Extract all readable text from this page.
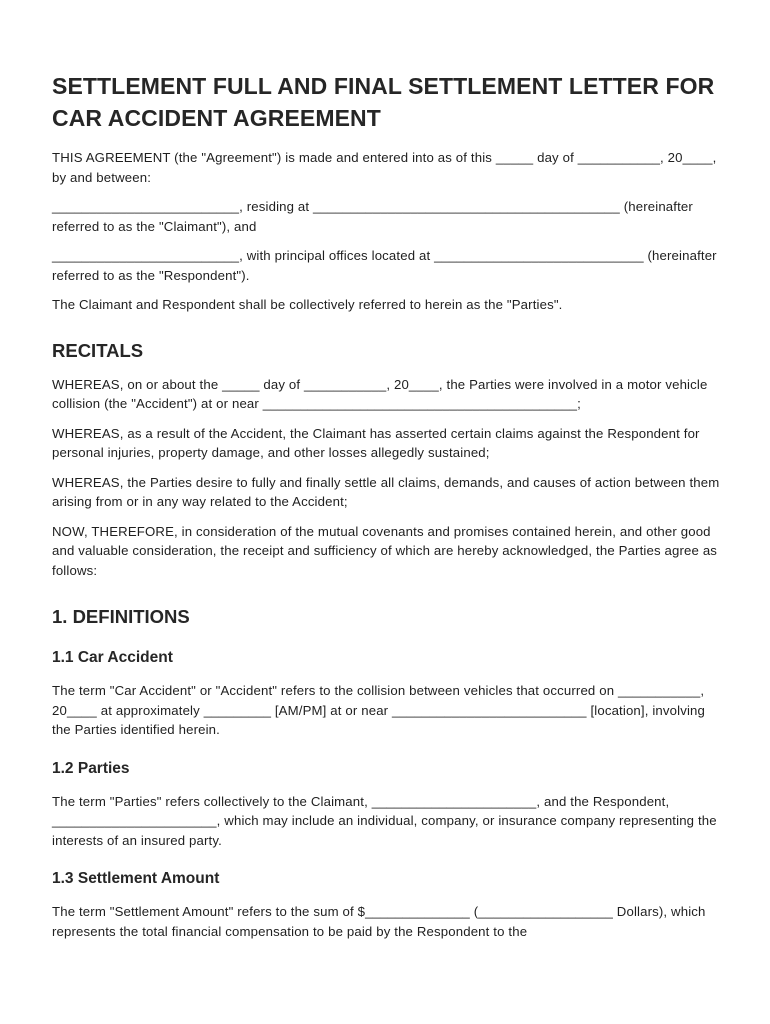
SETTLEMENT FULL AND FINAL SETTLEMENT LETTER FOR CAR ACCIDENT AGREEMENT

THIS AGREEMENT (the "Agreement") is made and entered into as of this _____ day of ___________, 20____, by and between:

_________________________, residing at _________________________________________ (hereinafter referred to as the "Claimant"), and

_________________________, with principal offices located at ____________________________ (hereinafter referred to as the "Respondent").

The Claimant and Respondent shall be collectively referred to herein as the "Parties".

RECITALS

WHEREAS, on or about the _____ day of ___________, 20____, the Parties were involved in a motor vehicle collision (the "Accident") at or near __________________________________________;

WHEREAS, as a result of the Accident, the Claimant has asserted certain claims against the Respondent for personal injuries, property damage, and other losses allegedly sustained;

WHEREAS, the Parties desire to fully and finally settle all claims, demands, and causes of action between them arising from or in any way related to the Accident;

NOW, THEREFORE, in consideration of the mutual covenants and promises contained herein, and other good and valuable consideration, the receipt and sufficiency of which are hereby acknowledged, the Parties agree as follows:

1. DEFINITIONS
1.1 Car Accident

The term "Car Accident" or "Accident" refers to the collision between vehicles that occurred on ___________, 20____ at approximately _________ [AM/PM] at or near __________________________ [location], involving the Parties identified herein.

1.2 Parties

The term "Parties" refers collectively to the Claimant, ______________________, and the Respondent, ______________________, which may include an individual, company, or insurance company representing the interests of an insured party.

1.3 Settlement Amount

The term "Settlement Amount" refers to the sum of $______________ (__________________ Dollars), which represents the total financial compensation to be paid by the Respondent to the
